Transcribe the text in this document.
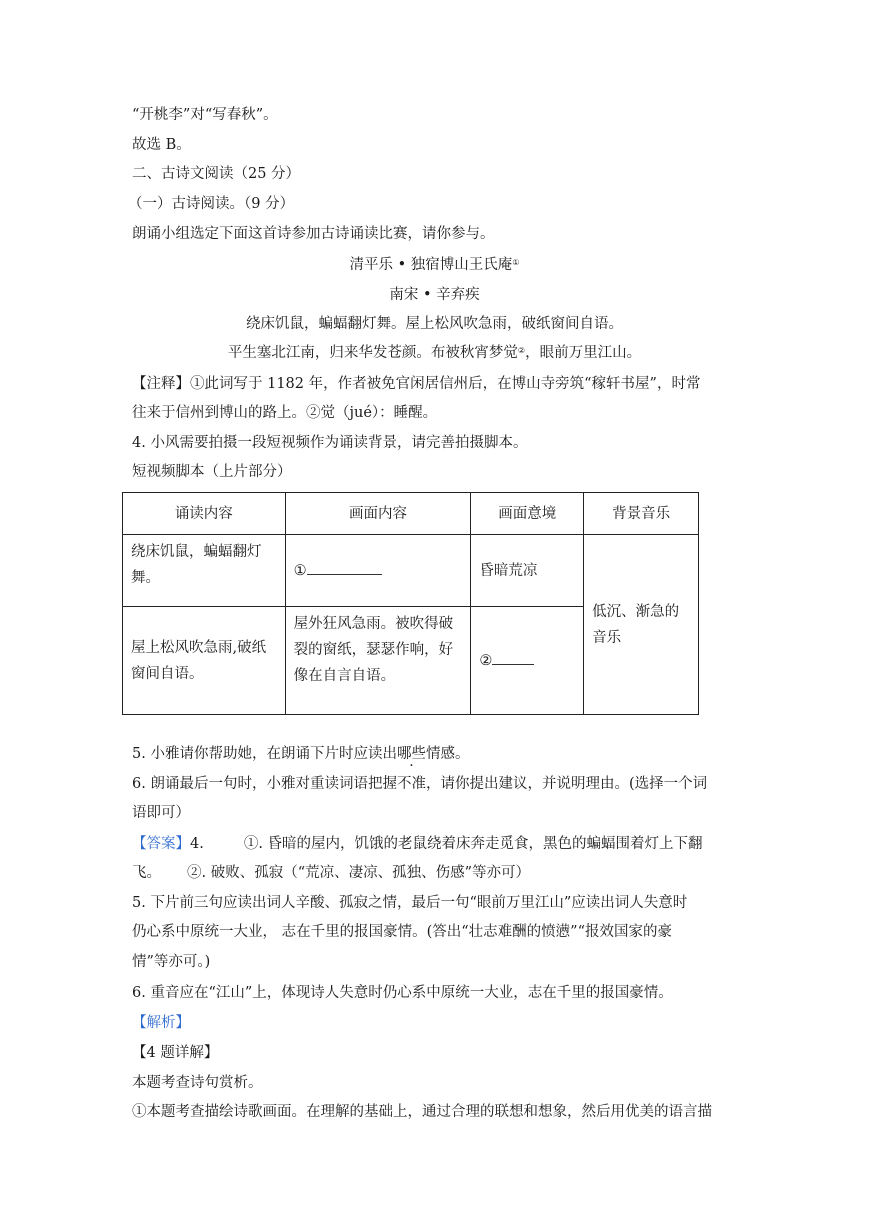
“开桃李”对“写春秋”。
故选 B。
二、古诗文阅读（25 分）
（一）古诗阅读。（9 分）
朗诵小组选定下面这首诗参加古诗诵读比赛，请你参与。
清平乐 • 独宿博山王氏庵①
南宋 • 辛弃疾
绕床饥鼠，蝙蝠翻灯舞。屋上松风吹急雨，破纸窗间自语。
平生塞北江南，归来华发苍颜。布被秋宵梦觉②，眼前万里江山。
【注释】①此词写于 1182 年，作者被免官闲居信州后，在博山寺旁筑“稼轩书屋”，时常
往来于信州到博山的路上。②觉（jué）：睡醒。
4. 小风需要拍摄一段短视频作为诵读背景，请完善拍摄脚本。
短视频脚本（上片部分）
诵读内容	画面内容	画面意境	背景音乐
绕床饥鼠，蝙蝠翻灯舞。	①	昏暗荒凉	低沉、渐急的音乐
屋上松风吹急雨,破纸窗间自语。	屋外狂风急雨。被吹得破裂的窗纸，瑟瑟作响，好像在自言自语。	②	
5. 小雅请你帮助她，在朗诵下片时应读出哪些情感。
6. 朗诵最后一句时，小雅对重读词语把握不准，请你提出建议，并说明理由。(选择一个词
语即可）
【答案】4.	①. 昏暗的屋内，饥饿的老鼠绕着床奔走觅食，黑色的蝙蝠围着灯上下翻
飞。 ②. 破败、孤寂（“荒凉、凄凉、孤独、伤感”等亦可）
5. 下片前三句应读出词人辛酸、孤寂之情，最后一句“眼前万里江山”应读出词人失意时
仍心系中原统一大业， 志在千里的报国豪情。(答出“壮志难酬的愤懑”“报效国家的豪
情”等亦可。)
6. 重音应在“江山”上，体现诗人失意时仍心系中原统一大业，志在千里的报国豪情。
【解析】
【4 题详解】
本题考查诗句赏析。
①本题考查描绘诗歌画面。在理解的基础上，通过合理的联想和想象，然后用优美的语言描
